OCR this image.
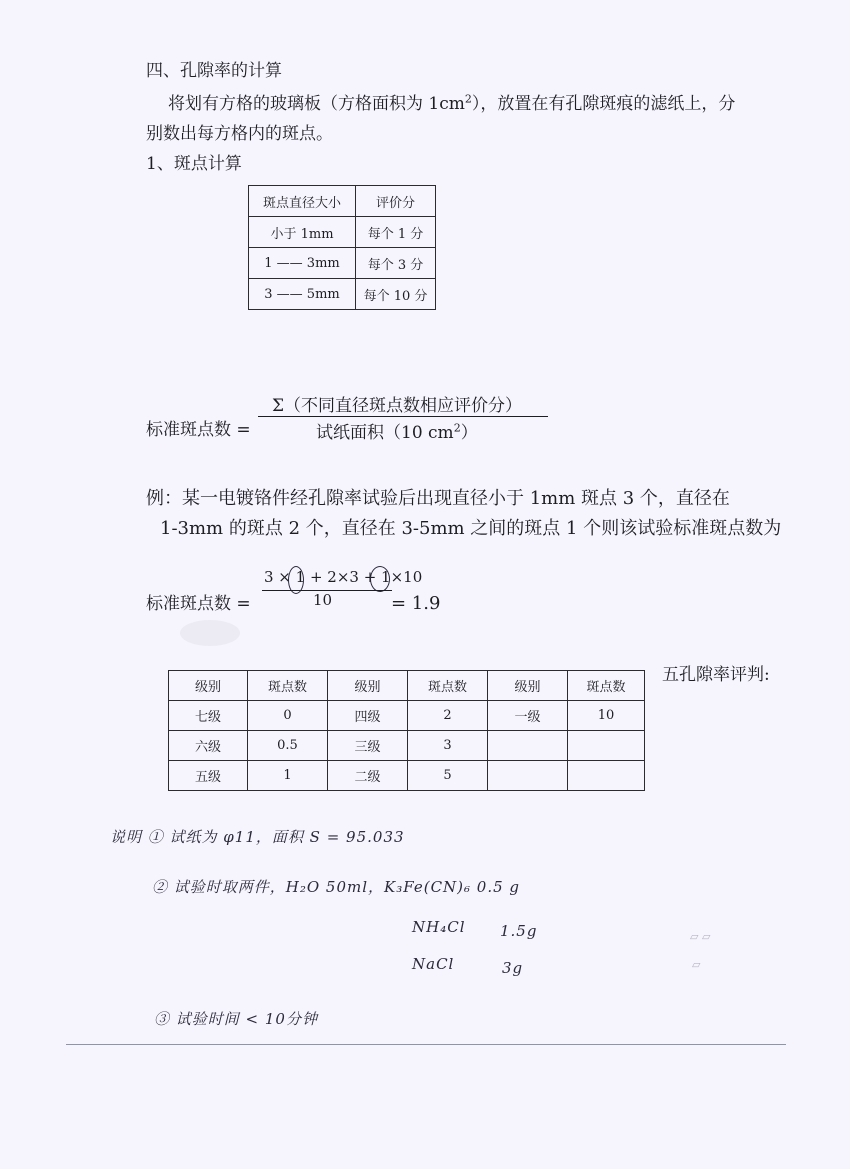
四、孔隙率的计算
将划有方格的玻璃板（方格面积为 $1cm^2$），放置在有孔隙斑痕的滤纸上，分
别数出每方格内的斑点。
1、斑点计算
斑点直径大小	评价分
小于 1mm	每个 1 分
1 —— 3mm	每个 3 分
3 —— 5mm	每个 10 分
标准斑点数 =
Σ（不同直径斑点数相应评价分）
试纸面积（10 $cm^2$）
例：某一电镀铬件经孔隙率试验后出现直径小于 1mm 斑点 3 个，直径在
1-3mm 的斑点 2 个，直径在 3-5mm 之间的斑点 1 个则该试验标准斑点数为
标准斑点数 =
3 × 1 + 2×3 + 1×10
10	= 1.9
五孔隙率评判:
级别	斑点数	级别	斑点数	级别	斑点数
七级	0	四级	2	一级	10
六级	0.5	三级	3		
五级	1	二级	5		
说明 ① 试纸为 φ11，面积 S = 95.033
② 试验时取两件，H₂O 50ml，K₃Fe(CN)₆ 0.5 g
NH₄Cl 1.5g
NaCl	3g
③ 试验时间 < 10分钟
▱ ▱
▱
